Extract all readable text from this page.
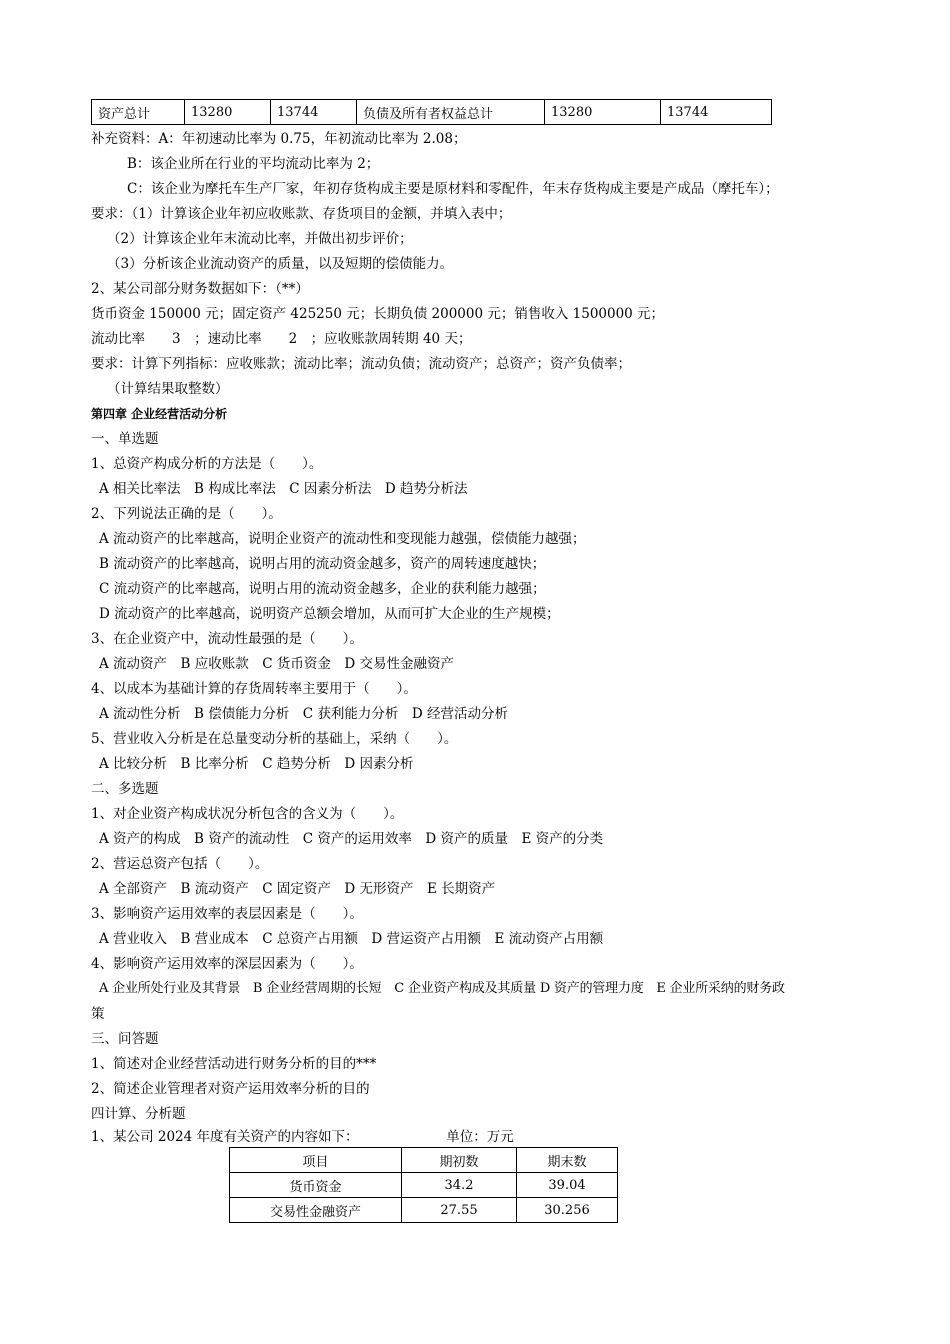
资产总计	13280	13744	负债及所有者权益总计	13280	13744
补充资料：A：年初速动比率为 0.75，年初流动比率为 2.08；
B：该企业所在行业的平均流动比率为 2；
C：该企业为摩托车生产厂家，年初存货构成主要是原材料和零配件，年末存货构成主要是产成品（摩托车）；
要求：（1）计算该企业年初应收账款、存货项目的金额，并填入表中；
（2）计算该企业年末流动比率，并做出初步评价；
（3）分析该企业流动资产的质量，以及短期的偿债能力。
2、某公司部分财务数据如下：（**）
货币资金 150000 元；固定资产 425250 元；长期负债 200000 元；销售收入 1500000 元；
流动比率　　3　；速动比率　　2　；应收账款周转期 40 天；
要求：计算下列指标：应收账款；流动比率；流动负债；流动资产；总资产；资产负债率；
（计算结果取整数）
第四章 企业经营活动分析
一、单选题
1、总资产构成分析的方法是（　　）。
A 相关比率法　B 构成比率法　C 因素分析法　D 趋势分析法
2、下列说法正确的是（　　）。
A 流动资产的比率越高，说明企业资产的流动性和变现能力越强，偿债能力越强；
B 流动资产的比率越高，说明占用的流动资金越多，资产的周转速度越快；
C 流动资产的比率越高，说明占用的流动资金越多，企业的获利能力越强；
D 流动资产的比率越高，说明资产总额会增加，从而可扩大企业的生产规模；
3、在企业资产中，流动性最强的是（　　）。
A 流动资产　B 应收账款　C 货币资金　D 交易性金融资产
4、以成本为基础计算的存货周转率主要用于（　　）。
A 流动性分析　B 偿债能力分析　C 获利能力分析　D 经营活动分析
5、营业收入分析是在总量变动分析的基础上，采纳（　　）。
A 比较分析　B 比率分析　C 趋势分析　D 因素分析
二、多选题
1、对企业资产构成状况分析包含的含义为（　　）。
A 资产的构成　B 资产的流动性　C 资产的运用效率　D 资产的质量　E 资产的分类
2、营运总资产包括（　　）。
A 全部资产　B 流动资产　C 固定资产　D 无形资产　E 长期资产
3、影响资产运用效率的表层因素是（　　）。
A 营业收入　B 营业成本　C 总资产占用额　D 营运资产占用额　E 流动资产占用额
4、影响资产运用效率的深层因素为（　　）。
A 企业所处行业及其背景　B 企业经营周期的长短　C 企业资产构成及其质量 D 资产的管理力度　E 企业所采纳的财务政
策
三、问答题
1、简述对企业经营活动进行财务分析的目的***
2、简述企业管理者对资产运用效率分析的目的
四计算、分析题
1、某公司 2024 年度有关资产的内容如下：　　　　　　　单位：万元
项目	期初数	期末数
货币资金	34.2	39.04
交易性金融资产	27.55	30.256
